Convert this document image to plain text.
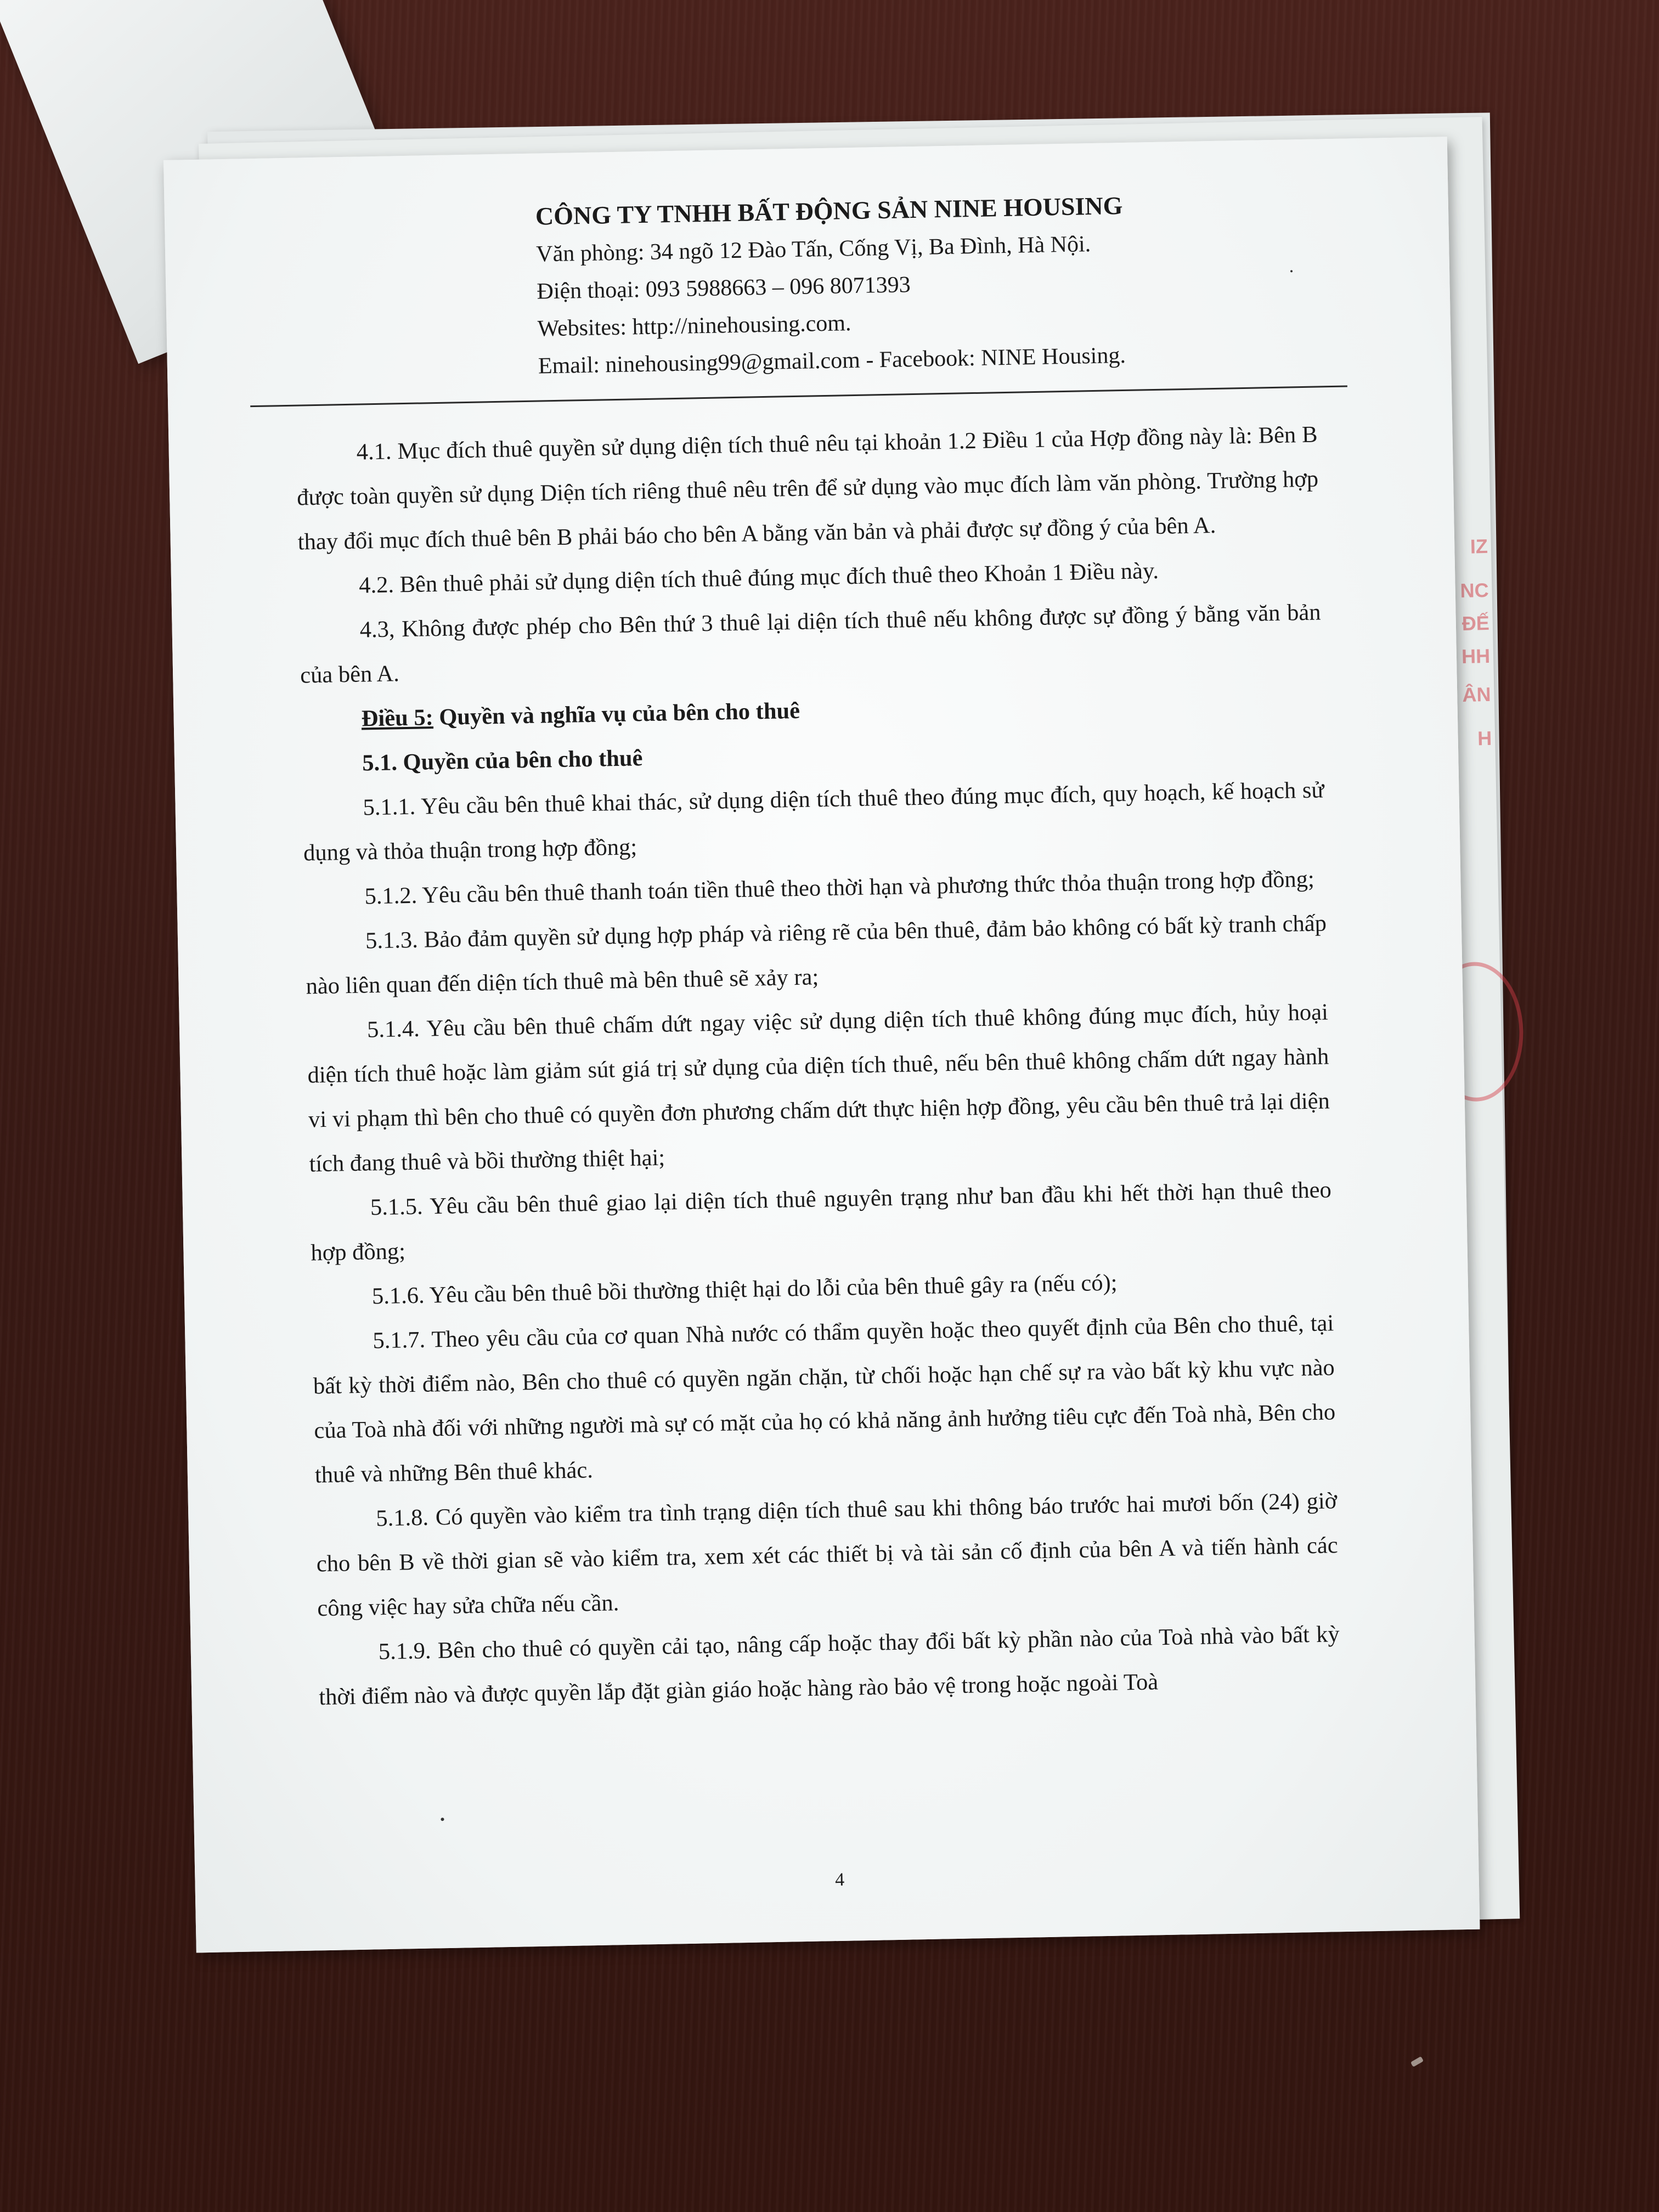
ΙΖ
NC
ĐẾ
ΗΗ
ÂN
Η
CÔNG TY TNHH BẤT ĐỘNG SẢN NINE HOUSING
Văn phòng: 34 ngõ 12 Đào Tấn, Cống Vị, Ba Đình, Hà Nội.
Điện thoại: 093 5988663 – 096 8071393
Websites: http://ninehousing.com.
Email: ninehousing99@gmail.com - Facebook: NINE Housing.

4.1. Mục đích thuê quyền sử dụng diện tích thuê nêu tại khoản 1.2 Điều 1 của Hợp đồng này là: Bên B được toàn quyền sử dụng Diện tích riêng thuê nêu trên để sử dụng vào mục đích làm văn phòng. Trường hợp thay đổi mục đích thuê bên B phải báo cho bên A bằng văn bản và phải được sự đồng ý của bên A.

4.2. Bên thuê phải sử dụng diện tích thuê đúng mục đích thuê theo Khoản 1 Điều này.

4.3, Không được phép cho Bên thứ 3 thuê lại diện tích thuê nếu không được sự đồng ý bằng văn bản của bên A.

Điều 5: Quyền và nghĩa vụ của bên cho thuê

5.1. Quyền của bên cho thuê

5.1.1. Yêu cầu bên thuê khai thác, sử dụng diện tích thuê theo đúng mục đích, quy hoạch, kế hoạch sử dụng và thỏa thuận trong hợp đồng;

5.1.2. Yêu cầu bên thuê thanh toán tiền thuê theo thời hạn và phương thức thỏa thuận trong hợp đồng;

5.1.3. Bảo đảm quyền sử dụng hợp pháp và riêng rẽ của bên thuê, đảm bảo không có bất kỳ tranh chấp nào liên quan đến diện tích thuê mà bên thuê sẽ xảy ra;

5.1.4. Yêu cầu bên thuê chấm dứt ngay việc sử dụng diện tích thuê không đúng mục đích, hủy hoại diện tích thuê hoặc làm giảm sút giá trị sử dụng của diện tích thuê, nếu bên thuê không chấm dứt ngay hành vi vi phạm thì bên cho thuê có quyền đơn phương chấm dứt thực hiện hợp đồng, yêu cầu bên thuê trả lại diện tích đang thuê và bồi thường thiệt hại;

5.1.5. Yêu cầu bên thuê giao lại diện tích thuê nguyên trạng như ban đầu khi hết thời hạn thuê theo hợp đồng;

5.1.6. Yêu cầu bên thuê bồi thường thiệt hại do lỗi của bên thuê gây ra (nếu có);

5.1.7. Theo yêu cầu của cơ quan Nhà nước có thẩm quyền hoặc theo quyết định của Bên cho thuê, tại bất kỳ thời điểm nào, Bên cho thuê có quyền ngăn chặn, từ chối hoặc hạn chế sự ra vào bất kỳ khu vực nào của Toà nhà đối với những người mà sự có mặt của họ có khả năng ảnh hưởng tiêu cực đến Toà nhà, Bên cho thuê và những Bên thuê khác.

5.1.8. Có quyền vào kiểm tra tình trạng diện tích thuê sau khi thông báo trước hai mươi bốn (24) giờ cho bên B về thời gian sẽ vào kiểm tra, xem xét các thiết bị và tài sản cố định của bên A và tiến hành các công việc hay sửa chữa nếu cần.

5.1.9. Bên cho thuê có quyền cải tạo, nâng cấp hoặc thay đổi bất kỳ phần nào của Toà nhà vào bất kỳ thời điểm nào và được quyền lắp đặt giàn giáo hoặc hàng rào bảo vệ trong hoặc ngoài Toà

4
